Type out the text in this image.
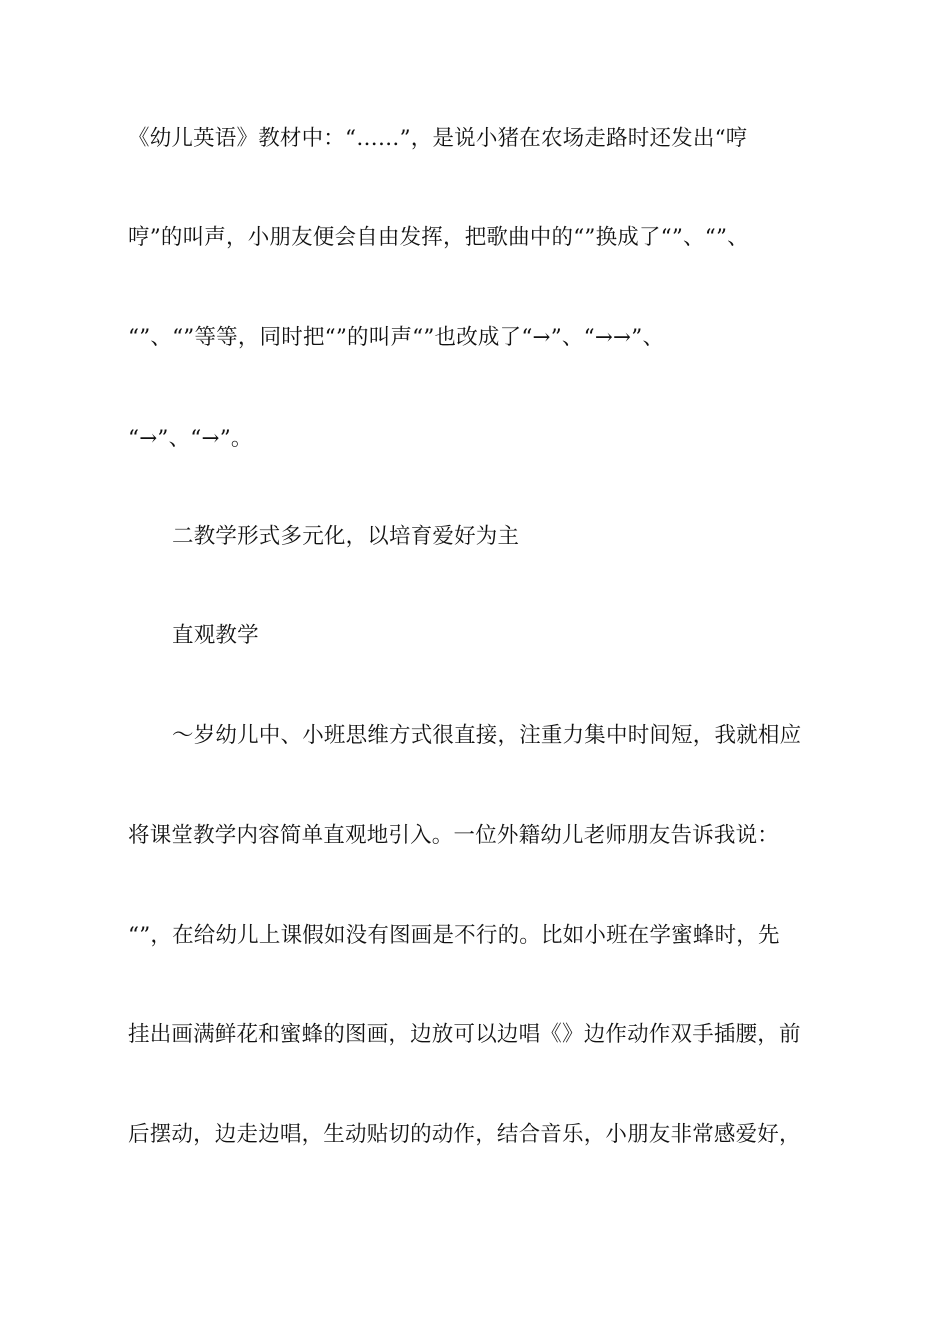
《幼儿英语》教材中：“……”，是说小猪在农场走路时还发出“哼
哼”的叫声，小朋友便会自由发挥，把歌曲中的“”换成了“”、“”、
“”、“”等等，同时把“”的叫声“”也改成了“→”、“→→”、
“→”、“→”。
二教学形式多元化，以培育爱好为主
直观教学
～岁幼儿中、小班思维方式很直接，注重力集中时间短，我就相应
将课堂教学内容简单直观地引入。一位外籍幼儿老师朋友告诉我说：
“”，在给幼儿上课假如没有图画是不行的。比如小班在学蜜蜂时，先
挂出画满鲜花和蜜蜂的图画，边放可以边唱《》边作动作双手插腰，前
后摆动，边走边唱，生动贴切的动作，结合音乐，小朋友非常感爱好，
